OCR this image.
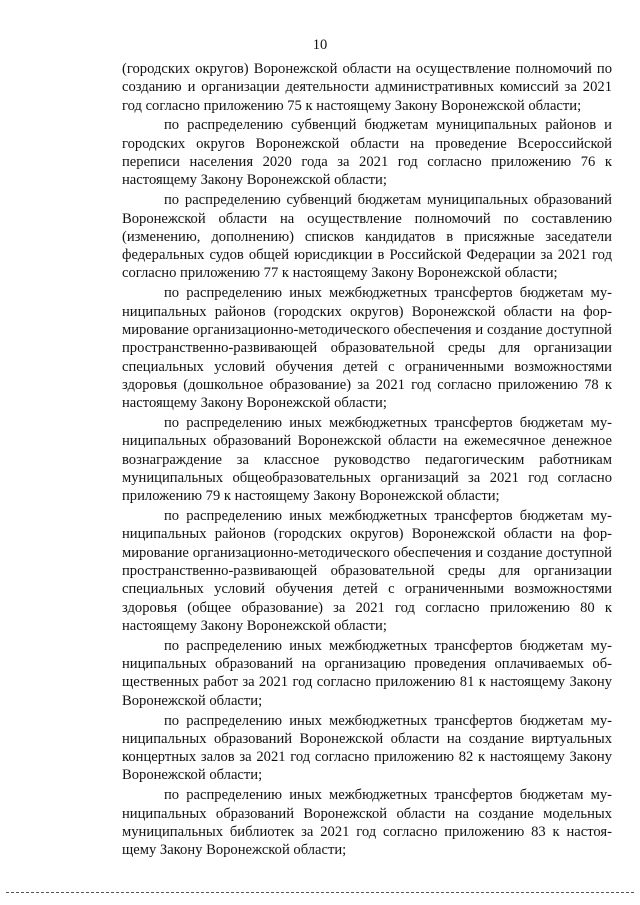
10

(городских округов) Воронежской области на осуществление полномочий по созданию и организации деятельности административных комиссий за 2021 год согласно приложению 75 к настоящему Закону Воронежской области;

по распределению субвенций бюджетам муниципальных районов и городских округов Воронежской области на проведение Всероссийской переписи населения 2020 года за 2021 год согласно приложению 76 к настоящему Закону Воронежской области;

по распределению субвенций бюджетам муниципальных образований Воронежской области на осуществление полномочий по составлению (изменению, дополнению) списков кандидатов в присяжные заседатели федеральных судов общей юрисдикции в Российской Федерации за 2021 год согласно приложению 77 к настоящему Закону Воронежской области;

по распределению иных межбюджетных трансфертов бюджетам муниципальных районов (городских округов) Воронежской области на формирование организационно-методического обеспечения и создание доступной пространственно-развивающей образовательной среды для организации специальных условий обучения детей с ограниченными возможностями здоровья (дошкольное образование) за 2021 год согласно приложению 78 к настоящему Закону Воронежской области;

по распределению иных межбюджетных трансфертов бюджетам муниципальных образований Воронежской области на ежемесячное денежное вознаграждение за классное руководство педагогическим работникам муниципальных общеобразовательных организаций за 2021 год согласно приложению 79 к настоящему Закону Воронежской области;

по распределению иных межбюджетных трансфертов бюджетам муниципальных районов (городских округов) Воронежской области на формирование организационно-методического обеспечения и создание доступной пространственно-развивающей образовательной среды для организации специальных условий обучения детей с ограниченными возможностями здоровья (общее образование) за 2021 год согласно приложению 80 к настоящему Закону Воронежской области;

по распределению иных межбюджетных трансфертов бюджетам муниципальных образований на организацию проведения оплачиваемых общественных работ за 2021 год согласно приложению 81 к настоящему Закону Воронежской области;

по распределению иных межбюджетных трансфертов бюджетам муниципальных образований Воронежской области на создание виртуальных концертных залов за 2021 год согласно приложению 82 к настоящему Закону Воронежской области;

по распределению иных межбюджетных трансфертов бюджетам муниципальных образований Воронежской области на создание модельных муниципальных библиотек за 2021 год согласно приложению 83 к настоящему Закону Воронежской области;
